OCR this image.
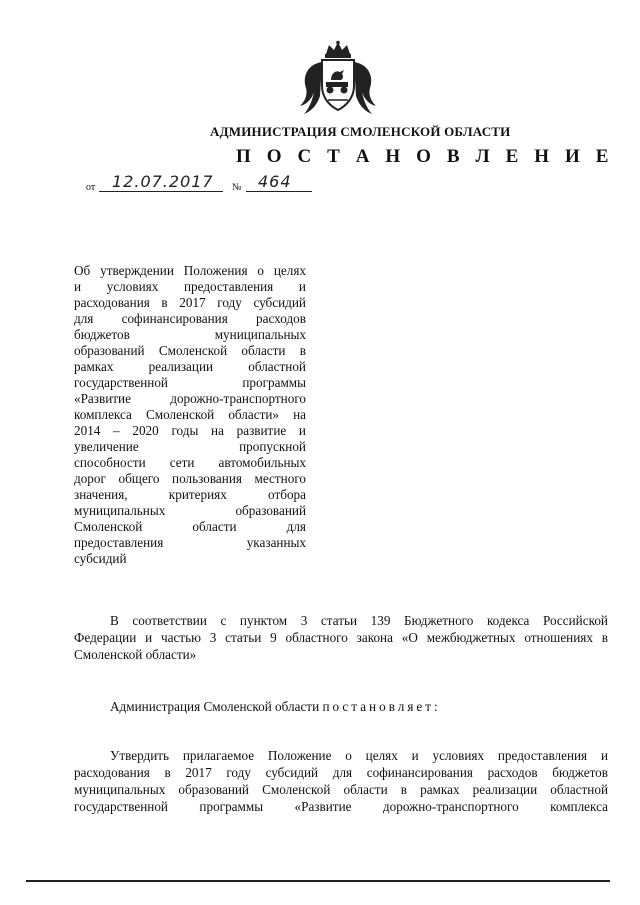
АДМИНИСТРАЦИЯ СМОЛЕНСКОЙ ОБЛАСТИ
П О С Т А Н О В Л Е Н И Е
от 12.07.2017 № 464
Об утверждении Положения о целях
и условиях предоставления и
расходования в 2017 году субсидий
для софинансирования расходов
бюджетов муниципальных
образований Смоленской области в
рамках реализации областной
государственной программы
«Развитие дорожно-транспортного
комплекса Смоленской области» на
2014 – 2020 годы на развитие и
увеличение пропускной
способности сети автомобильных
дорог общего пользования местного
значения, критериях отбора
муниципальных образований
Смоленской области для
предоставления указанных
субсидий
В соответствии с пунктом 3 статьи 139 Бюджетного кодекса Российской
Федерации и частью 3 статьи 9 областного закона «О межбюджетных отношениях в
Смоленской области»
Администрация Смоленской области постановляет:
Утвердить прилагаемое Положение о целях и условиях предоставления и
расходования в 2017 году субсидий для софинансирования расходов бюджетов
муниципальных образований Смоленской области в рамках реализации областной
государственной программы «Развитие дорожно-транспортного комплекса
